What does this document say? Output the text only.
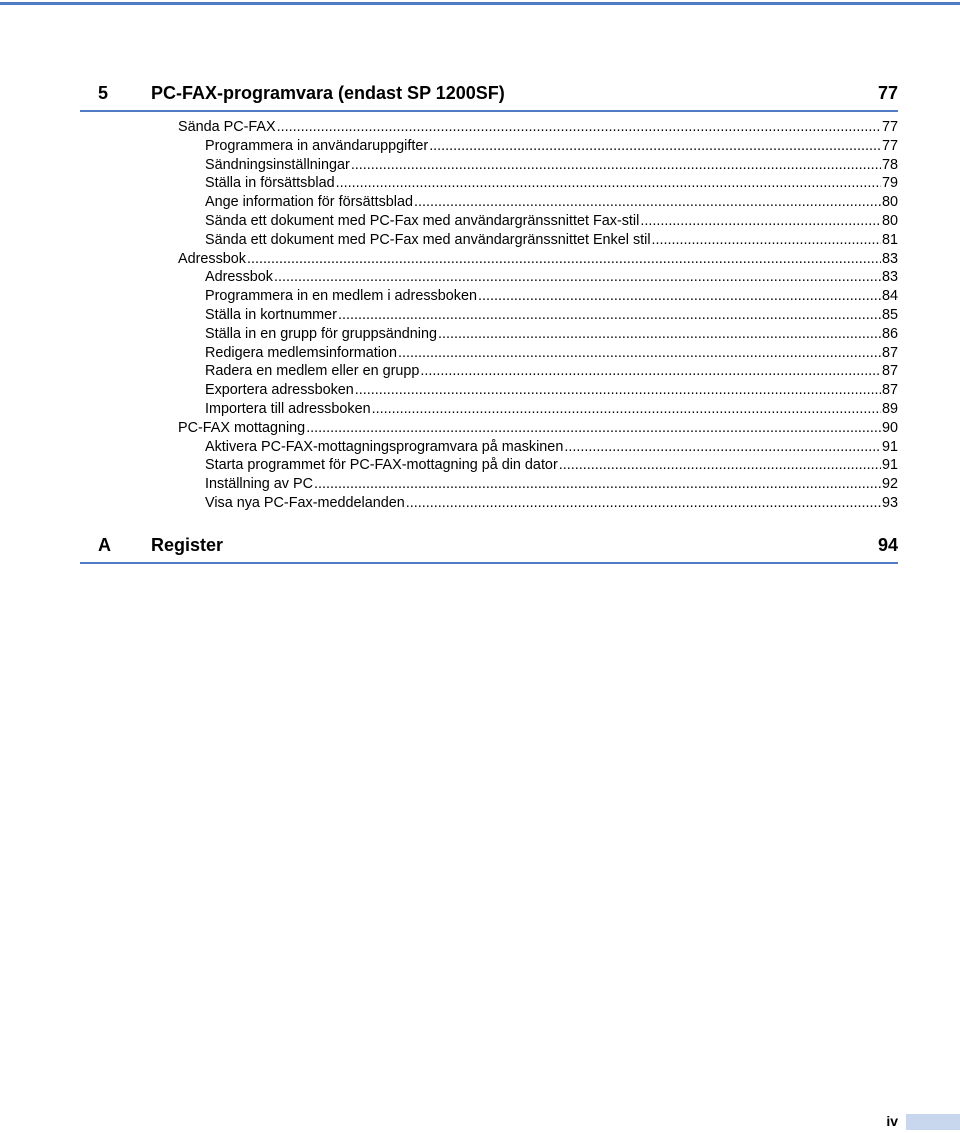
5 PC-FAX-programvara (endast SP 1200SF)	77
Sända PC-FAX .....	77
Programmera in användaruppgifter .....	77
Sändningsinställningar .....	78
Ställa in försättsblad .....	79
Ange information för försättsblad .....	80
Sända ett dokument med PC-Fax med användargränssnittet Fax-stil .....	80
Sända ett dokument med PC-Fax med användargränssnittet Enkel stil .....	81
Adressbok .....	83
Adressbok .....	83
Programmera in en medlem i adressboken .....	84
Ställa in kortnummer .....	85
Ställa in en grupp för gruppsändning .....	86
Redigera medlemsinformation .....	87
Radera en medlem eller en grupp .....	87
Exportera adressboken .....	87
Importera till adressboken .....	89
PC-FAX mottagning .....	90
Aktivera PC-FAX-mottagningsprogramvara på maskinen .....	91
Starta programmet för PC-FAX-mottagning på din dator .....	91
Inställning av PC .....	92
Visa nya PC-Fax-meddelanden .....	93
A Register	94
iv
